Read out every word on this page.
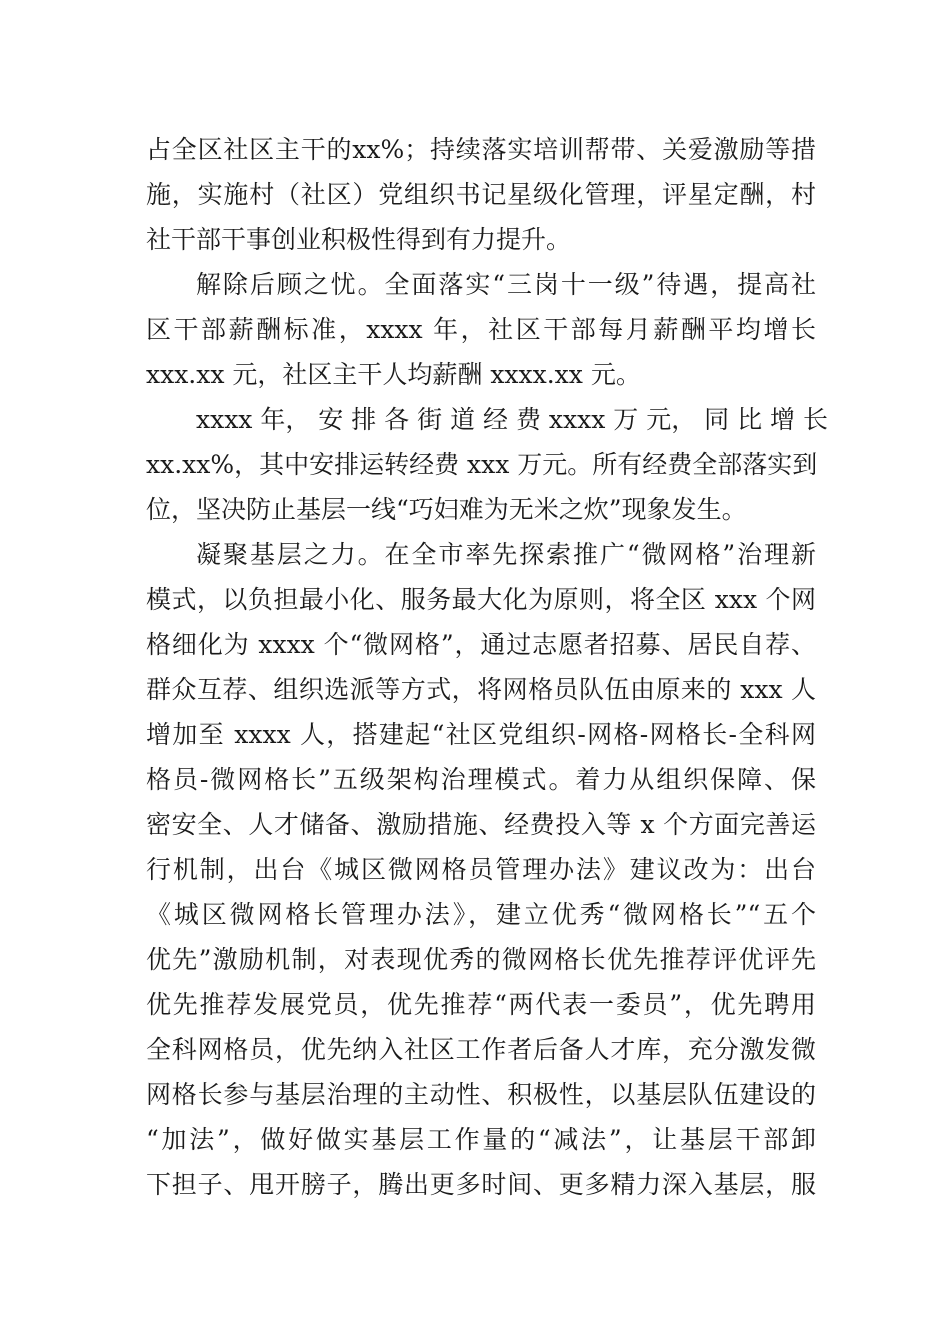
占全区社区主干的xx%；持续落实培训帮带、关爱激励等措
施，实施村（社区）党组织书记星级化管理，评星定酬，村
社干部干事创业积极性得到有力提升。
解除后顾之忧。全面落实“三岗十一级”待遇，提高社
区干部薪酬标准，xxxx 年，社区干部每月薪酬平均增长
xxx.xx 元，社区主干人均薪酬 xxxx.xx 元。
xxxx 年， 安 排 各 街 道 经 费 xxxx 万 元， 同 比 增 长
xx.xx%，其中安排运转经费 xxx 万元。所有经费全部落实到
位，坚决防止基层一线“巧妇难为无米之炊”现象发生。
凝聚基层之力。在全市率先探索推广“微网格”治理新
模式，以负担最小化、服务最大化为原则，将全区 xxx 个网
格细化为 xxxx 个“微网格”，通过志愿者招募、居民自荐、
群众互荐、组织选派等方式，将网格员队伍由原来的 xxx 人
增加至 xxxx 人，搭建起“社区党组织-网格-网格长-全科网
格员-微网格长”五级架构治理模式。着力从组织保障、保
密安全、人才储备、激励措施、经费投入等 x 个方面完善运
行机制，出台《城区微网格员管理办法》建议改为：出台
《城区微网格长管理办法》，建立优秀“微网格长”“五个
优先”激励机制，对表现优秀的微网格长优先推荐评优评先
优先推荐发展党员，优先推荐“两代表一委员”，优先聘用
全科网格员，优先纳入社区工作者后备人才库，充分激发微
网格长参与基层治理的主动性、积极性，以基层队伍建设的
“加法”，做好做实基层工作量的“减法”，让基层干部卸
下担子、甩开膀子，腾出更多时间、更多精力深入基层，服
